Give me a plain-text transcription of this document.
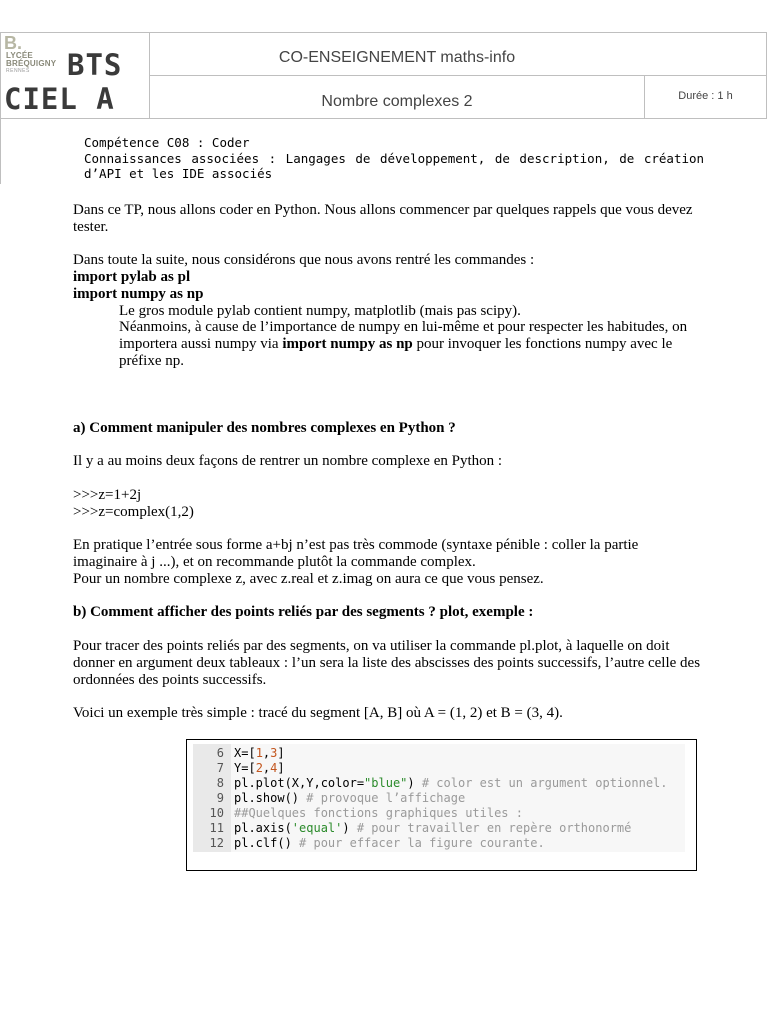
B.
LYCÉE
BRÉQUIGNY
RENNES BTS
CIEL A
CO-ENSEIGNEMENT maths-info
Nombre complexes 2	Durée : 1 h
Compétence C08 : Coder
Connaissances associées : Langages de développement, de description, de création
d’API et les IDE associés
Dans ce TP, nous allons coder en Python. Nous allons commencer par quelques rappels que vous devez tester.
Dans toute la suite, nous considérons que nous avons rentré les commandes :
import pylab as pl
import numpy as np
Le gros module pylab contient numpy, matplotlib (mais pas scipy).
Néanmoins, à cause de l’importance de numpy en lui-même et pour respecter les habitudes, on importera aussi numpy via import numpy as np pour invoquer les fonctions numpy avec le préfixe np.
a) Comment manipuler des nombres complexes en Python ?
Il y a au moins deux façons de rentrer un nombre complexe en Python :
>>>z=1+2j
>>>z=complex(1,2)
En pratique l’entrée sous forme a+bj n’est pas très commode (syntaxe pénible : coller la partie imaginaire à j ...), et on recommande plutôt la commande complex.
Pour un nombre complexe z, avec z.real et z.imag on aura ce que vous pensez.
b) Comment afficher des points reliés par des segments ? plot, exemple :
Pour tracer des points reliés par des segments, on va utiliser la commande pl.plot, à laquelle on doit donner en argument deux tableaux : l’un sera la liste des abscisses des points successifs, l’autre celle des ordonnées des points successifs.
Voici un exemple très simple : tracé du segment [A, B] où A = (1, 2) et B = (3, 4).
6 X=[1,3]
7 Y=[2,4]
8 pl.plot(X,Y,color="blue") # color est un argument optionnel.
9 pl.show() # provoque l’affichage
10 ##Quelques fonctions graphiques utiles :
11 pl.axis('equal') # pour travailler en repère orthonormé
12 pl.clf() # pour effacer la figure courante.
